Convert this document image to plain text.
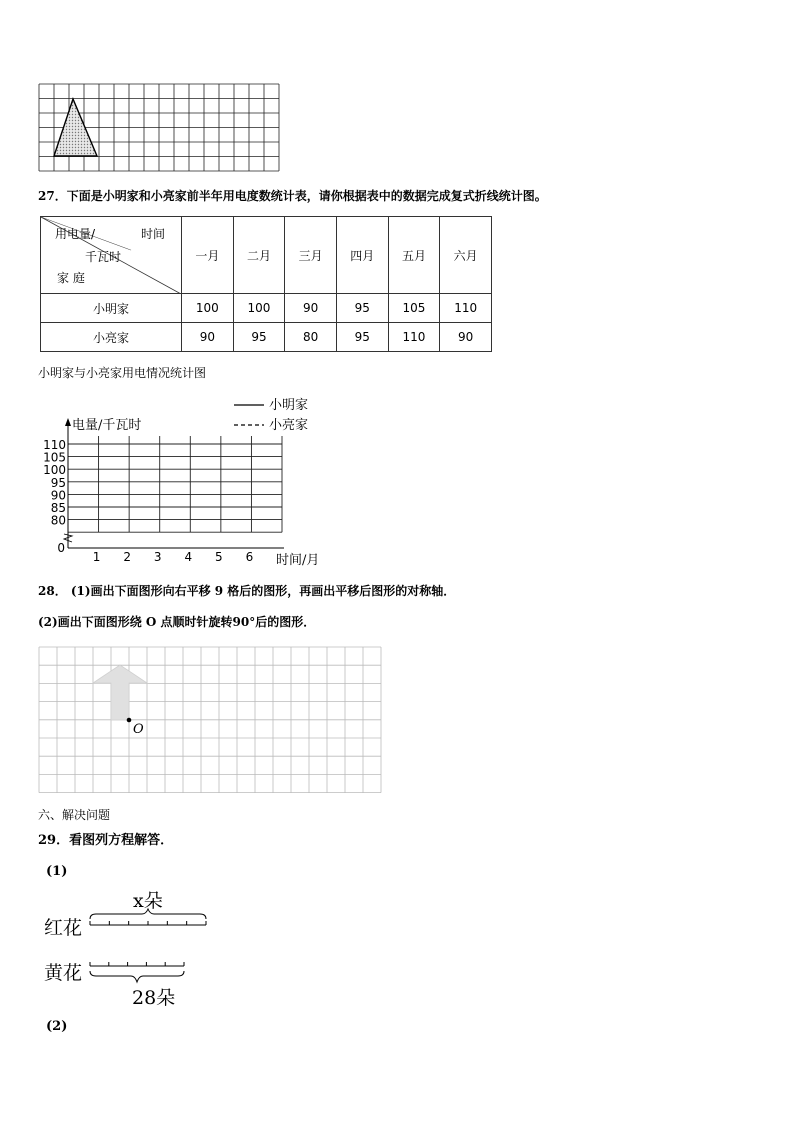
27．下面是小明家和小亮家前半年用电度数统计表，请你根据表中的数据完成复式折线统计图。
用电量/ 时间
千瓦时
家 庭	一月	二月	三月	四月	五月	六月
小明家	100	100	90	95	105	110
小亮家	90	95	80	95	110	90
小明家与小亮家用电情况统计图
110
105
100
95
90
85
80
0
1 2 3 4 5 6
小明家
小亮家
电量/千瓦时
时间/月
28． (1)画出下面图形向右平移 9 格后的图形，再画出平移后图形的对称轴．
(2)画出下面图形绕 O 点顺时针旋转90°后的图形．
O
六、解决问题
29．看图列方程解答．
(1)
红花
x朵
黄花
28朵
(2)
